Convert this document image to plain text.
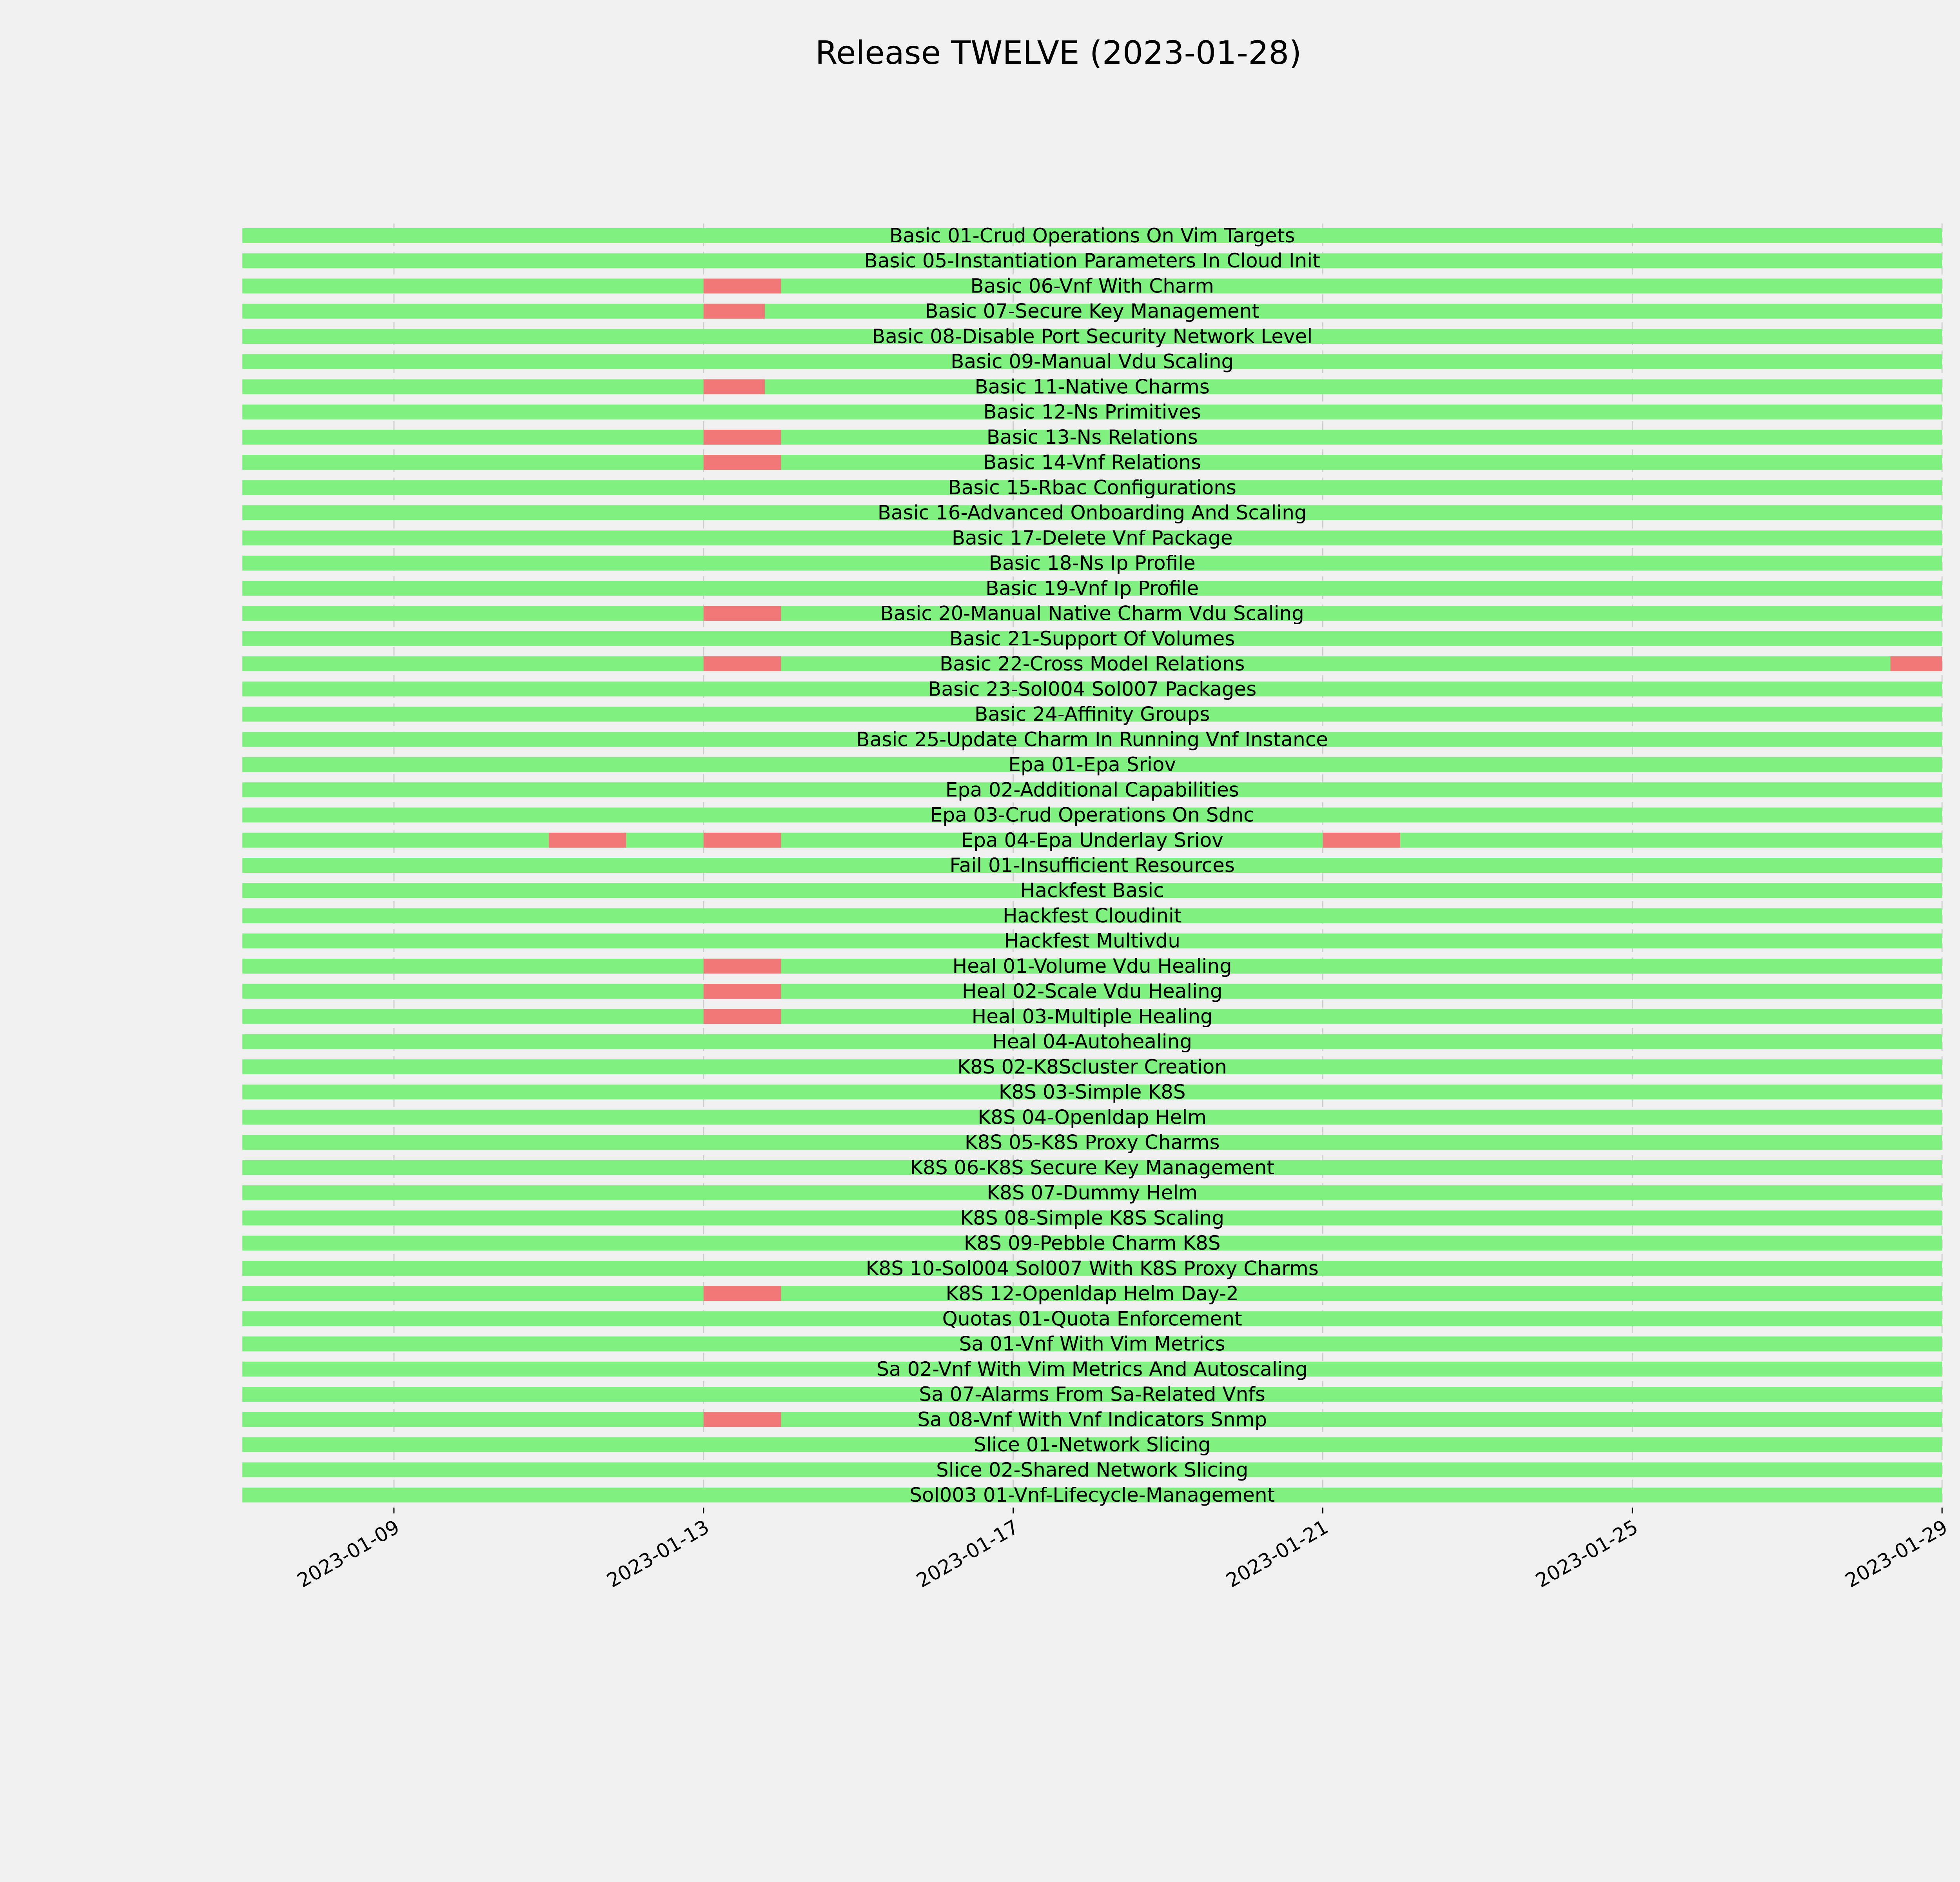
Release TWELVE (2023-01-28)
Basic 01-Crud Operations On Vim Targets
Basic 05-Instantiation Parameters In Cloud Init
Basic 06-Vnf With Charm
Basic 07-Secure Key Management
Basic 08-Disable Port Security Network Level
Basic 09-Manual Vdu Scaling
Basic 11-Native Charms
Basic 12-Ns Primitives
Basic 13-Ns Relations
Basic 14-Vnf Relations
Basic 15-Rbac Configurations
Basic 16-Advanced Onboarding And Scaling
Basic 17-Delete Vnf Package
Basic 18-Ns Ip Profile
Basic 19-Vnf Ip Profile
Basic 20-Manual Native Charm Vdu Scaling
Basic 21-Support Of Volumes
Basic 22-Cross Model Relations
Basic 23-Sol004 Sol007 Packages
Basic 24-Affinity Groups
Basic 25-Update Charm In Running Vnf Instance
Epa 01-Epa Sriov
Epa 02-Additional Capabilities
Epa 03-Crud Operations On Sdnc
Epa 04-Epa Underlay Sriov
Fail 01-Insufficient Resources
Hackfest Basic
Hackfest Cloudinit
Hackfest Multivdu
Heal 01-Volume Vdu Healing
Heal 02-Scale Vdu Healing
Heal 03-Multiple Healing
Heal 04-Autohealing
K8S 02-K8Scluster Creation
K8S 03-Simple K8S
K8S 04-Openldap Helm
K8S 05-K8S Proxy Charms
K8S 06-K8S Secure Key Management
K8S 07-Dummy Helm
K8S 08-Simple K8S Scaling
K8S 09-Pebble Charm K8S
K8S 10-Sol004 Sol007 With K8S Proxy Charms
K8S 12-Openldap Helm Day-2
Quotas 01-Quota Enforcement
Sa 01-Vnf With Vim Metrics
Sa 02-Vnf With Vim Metrics And Autoscaling
Sa 07-Alarms From Sa-Related Vnfs
Sa 08-Vnf With Vnf Indicators Snmp
Slice 01-Network Slicing
Slice 02-Shared Network Slicing
Sol003 01-Vnf-Lifecycle-Management
2023-01-09	2023-01-13	2023-01-17	2023-01-21	2023-01-25	2023-01-29
